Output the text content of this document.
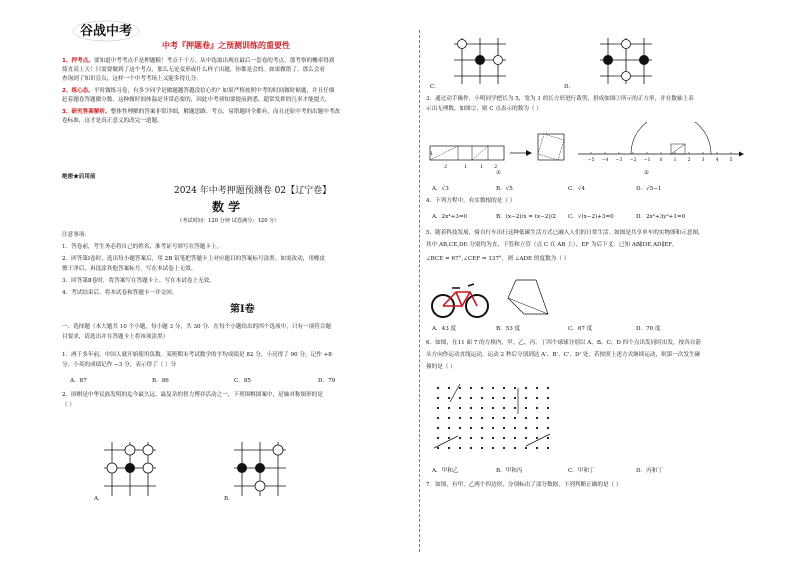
谷战中考
中考『押题卷』之预测训练的重要性
1、押考点。要知道中考考点不是押题粮！考点千千万，从中选取出现在最后一套卷的考点，那考察的概率得到
简直高上天！只需要做到了这个考点，那么无论变形或什么样子出题，你都是会的。如果做错了，那么会看
查询到了知识盲点，这样一个中考考场上又能多得几分。
2、练心态。平时做练习卷，有多少同学是做题越答越没信心的？如果严格按照中考的时间做时候题，并且仔细
赶着题卷答题做分数，这种做时间体温是非常必要的，因此中考须知要提前熟悉，超常发挥的几率才能提大。
3、研究答案解析。整体性理解的答案非常详细，解题思路、考点、易错题回全都有，而且还原中考的出题中考改
卷标准，这才是真正意义的改完一道题。
绝密★启用前
2024 年中考押题预测卷 02【辽宁卷】
数 学
（考试时间：120 分钟 试卷满分：120 分）
注意事项：
1．答卷前，考生务必将自己的姓名、准考证号填写在答题卡上。
2．回答第Ⅰ卷时，选出每小题答案后，用 2B 铅笔把答题卡上对应题目的答案标号涂黑。如需改动，用橡皮
擦干净后，再选涂其他答案标号。写在本试卷上无效。
3．回答第Ⅱ卷时，将答案写在答题卡上。写在本试卷上无效。
4．考试结束后，将本试卷和答题卡一并交回。
第Ⅰ卷
一、选择题（本大题共 10 个小题，每小题 3 分，共 30 分．在每个小题给出的四个选项中，只有一项符合题
目要求，请选出并在答题卡上将该项涂黑）
1．两千多年前，中国人就开始使用负数．某班期末考试数学的平均成绩是 82 分，小亮得了 90 分，记作 +8
分，小英的成绩记作 −3 分，表示得了（ ）分
A．87	B．86	C．85	D．79
2．围棋是中华民族发明的迄今最久远、最复杂的智力博弈活动之一，下列围棋图案中，是轴对称图形的是
（ ）
A．	B．
C．	D．
3．通过动手操作，小明同学把长为 5，宽为 1 的长方形进行裁剪，拼成如图①所示的正方形，并在数轴上表
示出无理数，如图②，则 C 点表示的数为（ ）
1
2	1	1 2
①
−5 −4 −3 −2 −1 0 1 2 3 4 5
②
A．√3	B．√5	C．√4	D．√5−1
4．下列方程中，有实数根的是（ ）
A．2x⁴+3=0	B．(x−2)/x = (x−2)/2 C．√(x−2)+3=0	D．2x²+3y²+1=0
5．随着科技发展，骑自行车出行这种低碳生活方式已融入人们的日常生活．如图是共享单车的实物图和示意图，
其中 AB,CE,DE 分别均为直，下管和立管（点 C 在 AB 上），EF 为后下叉．已知 AB∥DE,AD∥EF，
∠BCE = 67°,∠CEF = 137°，则 ∠ADE 的度数为（ ）
A．43 度	B．53 度	C．67 度	D．70 度
6．如图，在11 面 7 的方格内，甲、乙、丙、丁四个球球分别以 A、B、C、D 四个点出发同时出发，按各自箭
头方向作运动直线运动，运动 2 秒后分别到达 A'、B'、C'、D' 处，若按照上述方式继续运动，则第一次发生碰
撞的是（ ）
A．甲和乙	B．甲和丙	C．甲和丁	D．丙和丁
7．如图，有甲、乙两个四边形，分别标出了部分数据，下列判断正确的是（ ）
